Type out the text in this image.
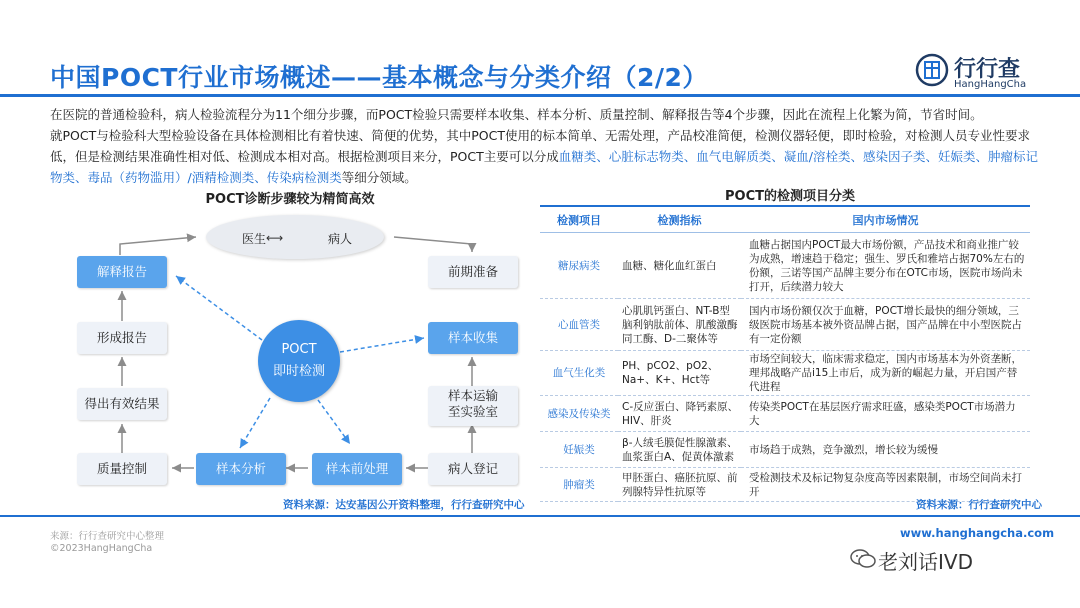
中国POCT行业市场概述——基本概念与分类介绍（2/2）	行行查
HangHangCha
在医院的普通检验科，病人检验流程分为11个细分步骤，而POCT检验只需要样本收集、样本分析、质量控制、解释报告等4个步骤，因此在流程上化繁为简，节省时间。
就POCT与检验科大型检验设备在具体检测相比有着快速、简便的优势，其中POCT使用的标本简单、无需处理，产品校准简便，检测仪器轻便，即时检验，对检测人员专业性要求低，但是检测结果准确性相对低、检测成本相对高。根据检测项目来分，POCT主要可以分成血糖类、心脏标志物类、血气电解质类、凝血/溶栓类、感染因子类、妊娠类、肿瘤标记物类、毒品（药物滥用）/酒精检测类、传染病检测类等细分领域。
POCT诊断步骤较为精简高效
医生 ⟷	病人
解释报告
形成报告
得出有效结果
质量控制
前期准备
样本收集
样本运输
至实验室
病人登记
样本分析	样本前处理
POCT
即时检测
资料来源：达安基因公开资料整理，行行查研究中心
POCT的检测项目分类
检测项目	检测指标	国内市场情况
糖尿病类	血糖、糖化血红蛋白	血糖占据国内POCT最大市场份额，产品技术和商业推广较为成熟，增速趋于稳定；强生、罗氏和雅培占据70%左右的份额，三诺等国产品牌主要分布在OTC市场，医院市场尚未打开，后续潜力较大
心血管类	心肌肌钙蛋白、NT-B型脑利钠肽前体、肌酸激酶同工酶、D-二聚体等	国内市场份额仅次于血糖，POCT增长最快的细分领域，三级医院市场基本被外资品牌占据，国产品牌在中小型医院占有一定份额
血气生化类	PH、pCO2、pO2、Na+、K+、Hct等	市场空间较大，临床需求稳定，国内市场基本为外资垄断，理邦战略产品i15上市后，成为新的崛起力量，开启国产替代进程
感染及传染类	C-反应蛋白、降钙素原、HIV、肝炎	传染类POCT在基层医疗需求旺盛，感染类POCT市场潜力大
妊娠类	β-人绒毛膜促性腺激素、血浆蛋白A、促黄体激素	市场趋于成熟，竞争激烈，增长较为缓慢
肿瘤类	甲胚蛋白、癌胚抗原、前列腺特异性抗原等	受检测技术及标记物复杂度高等因素限制，市场空间尚未打开
资料来源：行行查研究中心
来源：行行查研究中心整理
©2023HangHangCha
www.hanghangcha.com
老刘话IVD
